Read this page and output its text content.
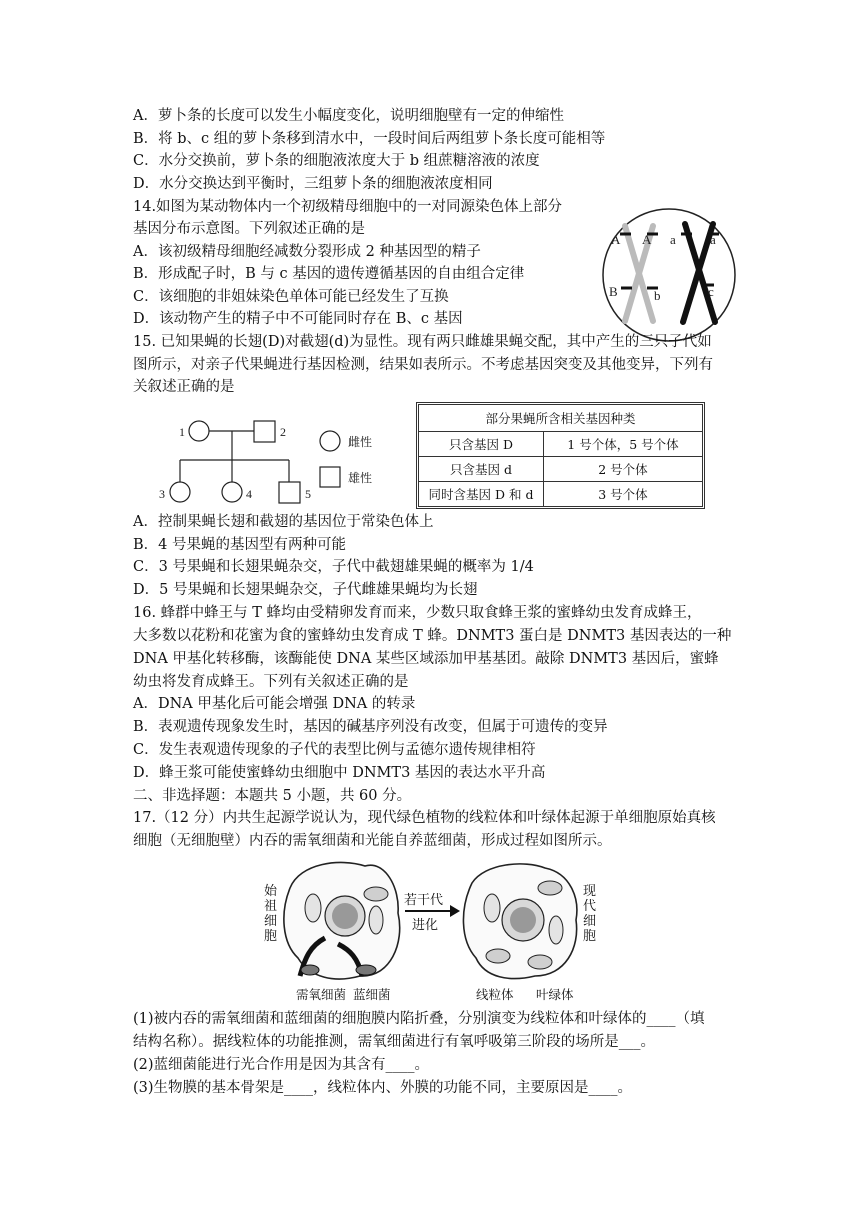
A．萝卜条的长度可以发生小幅度变化，说明细胞壁有一定的伸缩性
B．将 b、c 组的萝卜条移到清水中，一段时间后两组萝卜条长度可能相等
C．水分交换前，萝卜条的细胞液浓度大于 b 组蔗糖溶液的浓度
D．水分交换达到平衡时，三组萝卜条的细胞液浓度相同
14.如图为某动物体内一个初级精母细胞中的一对同源染色体上部分
基因分布示意图。下列叙述正确的是
A．该初级精母细胞经减数分裂形成 2 种基因型的精子
B．形成配子时，B 与 c 基因的遗传遵循基因的自由组合定律
C．该细胞的非姐妹染色单体可能已经发生了互换
D．该动物产生的精子中不可能同时存在 B、c 基因
A A a	a
B	b	c
15. 已知果蝇的长翅(D)对截翅(d)为显性。现有两只雌雄果蝇交配，其中产生的三只子代如
图所示，对亲子代果蝇进行基因检测，结果如表所示。不考虑基因突变及其他变异，下列有
关叙述正确的是
1	2
3	4	5
雌性
雄性
部分果蝇所含相关基因种类	
只含基因 D	1 号个体，5 号个体
只含基因 d	2 号个体
同时含基因 D 和 d	3 号个体
A．控制果蝇长翅和截翅的基因位于常染色体上
B．4 号果蝇的基因型有两种可能
C．3 号果蝇和长翅果蝇杂交，子代中截翅雄果蝇的概率为 1/4
D．5 号果蝇和长翅果蝇杂交，子代雌雄果蝇均为长翅
16. 蜂群中蜂王与 T 蜂均由受精卵发育而来，少数只取食蜂王浆的蜜蜂幼虫发育成蜂王，
大多数以花粉和花蜜为食的蜜蜂幼虫发育成 T 蜂。DNMT3 蛋白是 DNMT3 基因表达的一种
DNA 甲基化转移酶，该酶能使 DNA 某些区域添加甲基基团。敲除 DNMT3 基因后，蜜蜂
幼虫将发育成蜂王。下列有关叙述正确的是
A．DNA 甲基化后可能会增强 DNA 的转录
B．表观遗传现象发生时，基因的碱基序列没有改变，但属于可遗传的变异
C．发生表观遗传现象的子代的表型比例与孟德尔遗传规律相符
D．蜂王浆可能使蜜蜂幼虫细胞中 DNMT3 基因的表达水平升高
二、非选择题：本题共 5 小题，共 60 分。
17.（12 分）内共生起源学说认为，现代绿色植物的线粒体和叶绿体起源于单细胞原始真核
细胞（无细胞壁）内吞的需氧细菌和光能自养蓝细菌，形成过程如图所示。
始祖细胞
现代细胞
若干代
进化
需氧细菌 蓝细菌	线粒体 叶绿体
(1)被内吞的需氧细菌和蓝细菌的细胞膜内陷折叠，分别演变为线粒体和叶绿体的____（填
结构名称）。据线粒体的功能推测，需氧细菌进行有氧呼吸第三阶段的场所是___。
(2)蓝细菌能进行光合作用是因为其含有____。
(3)生物膜的基本骨架是____，线粒体内、外膜的功能不同，主要原因是____。
